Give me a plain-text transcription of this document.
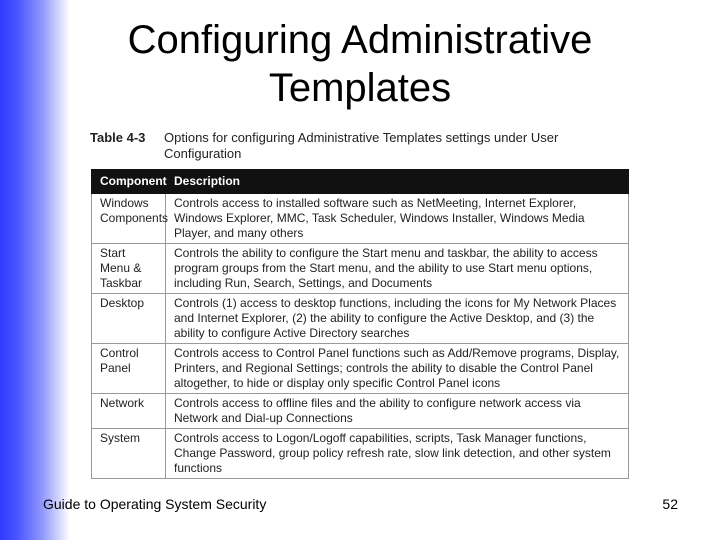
Configuring Administrative
Templates
Table 4-3 Options for configuring Administrative Templates settings under User Configuration
Component	Description
Windows Components	Controls access to installed software such as NetMeeting, Internet Explorer, Windows Explorer, MMC, Task Scheduler, Windows Installer, Windows Media Player, and many others
Start Menu & Taskbar	Controls the ability to configure the Start menu and taskbar, the ability to access program groups from the Start menu, and the ability to use Start menu options, including Run, Search, Settings, and Documents
Desktop	Controls (1) access to desktop functions, including the icons for My Network Places and Internet Explorer, (2) the ability to configure the Active Desktop, and (3) the ability to configure Active Directory searches
Control Panel	Controls access to Control Panel functions such as Add/Remove programs, Display, Printers, and Regional Settings; controls the ability to disable the Control Panel altogether, to hide or display only specific Control Panel icons
Network	Controls access to offline files and the ability to configure network access via Network and Dial-up Connections
System	Controls access to Logon/Logoff capabilities, scripts, Task Manager functions, Change Password, group policy refresh rate, slow link detection, and other system functions
Guide to Operating System Security	52
